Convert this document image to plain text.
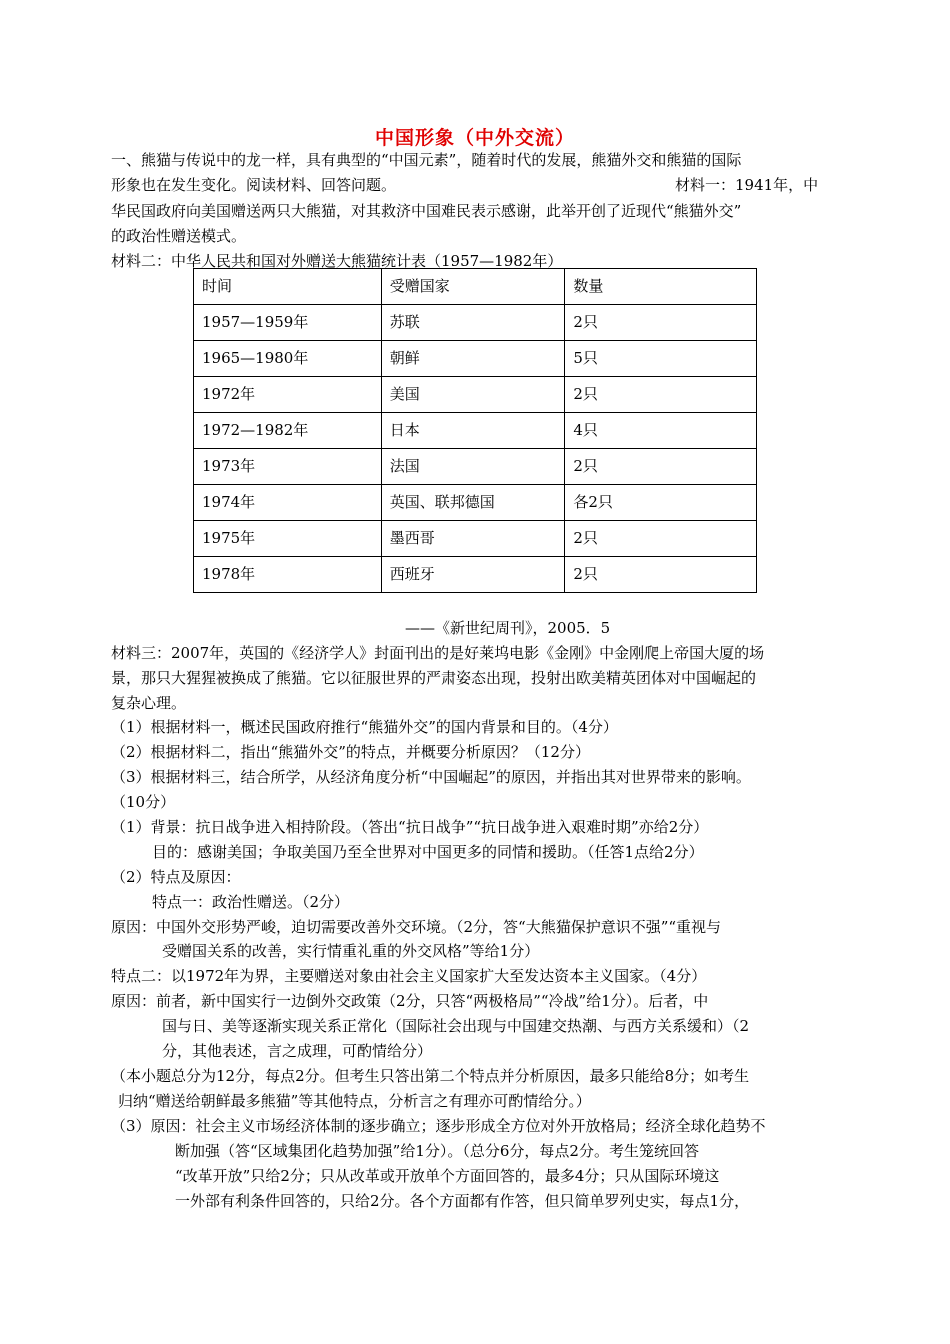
中国形象（中外交流）
一、熊猫与传说中的龙一样，具有典型的“中国元素”，随着时代的发展，熊猫外交和熊猫的国际
形象也在发生变化。阅读材料、回答问题。	材料一：1941年，中
华民国政府向美国赠送两只大熊猫，对其救济中国难民表示感谢，此举开创了近现代“熊猫外交”
的政治性赠送模式。
材料二：中华人民共和国对外赠送大熊猫统计表（1957—1982年）
时间	受赠国家	数量
1957—1959年	苏联	2只
1965—1980年	朝鲜	5只
1972年	美国	2只
1972—1982年	日本	4只
1973年	法国	2只
1974年	英国、联邦德国	各2只
1975年	墨西哥	2只
1978年	西班牙	2只
——《新世纪周刊》，2005．5
材料三：2007年，英国的《经济学人》封面刊出的是好莱坞电影《金刚》中金刚爬上帝国大厦的场
景，那只大猩猩被换成了熊猫。它以征服世界的严肃姿态出现，投射出欧美精英团体对中国崛起的
复杂心理。
（1）根据材料一，概述民国政府推行“熊猫外交”的国内背景和目的。（4分）
（2）根据材料二，指出“熊猫外交”的特点，并概要分析原因？（12分）
（3）根据材料三，结合所学，从经济角度分析“中国崛起”的原因，并指出其对世界带来的影响。
（10分）
（1）背景：抗日战争进入相持阶段。（答出“抗日战争”“抗日战争进入艰难时期”亦给2分）
目的：感谢美国；争取美国乃至全世界对中国更多的同情和援助。（任答1点给2分）
（2）特点及原因：
特点一：政治性赠送。（2分）
原因：中国外交形势严峻，迫切需要改善外交环境。（2分，答“大熊猫保护意识不强”“重视与
受赠国关系的改善，实行情重礼重的外交风格”等给1分）
特点二：以1972年为界，主要赠送对象由社会主义国家扩大至发达资本主义国家。（4分）
原因：前者，新中国实行一边倒外交政策（2分，只答“两极格局”“冷战”给1分）。后者，中
国与日、美等逐渐实现关系正常化（国际社会出现与中国建交热潮、与西方关系缓和）（2
分，其他表述，言之成理，可酌情给分）
（本小题总分为12分，每点2分。但考生只答出第二个特点并分析原因，最多只能给8分；如考生
归纳“赠送给朝鲜最多熊猫”等其他特点，分析言之有理亦可酌情给分。）
（3）原因：社会主义市场经济体制的逐步确立；逐步形成全方位对外开放格局；经济全球化趋势不
断加强（答“区域集团化趋势加强”给1分）。（总分6分，每点2分。考生笼统回答
“改革开放”只给2分；只从改革或开放单个方面回答的，最多4分；只从国际环境这
一外部有利条件回答的，只给2分。各个方面都有作答，但只简单罗列史实，每点1分，
